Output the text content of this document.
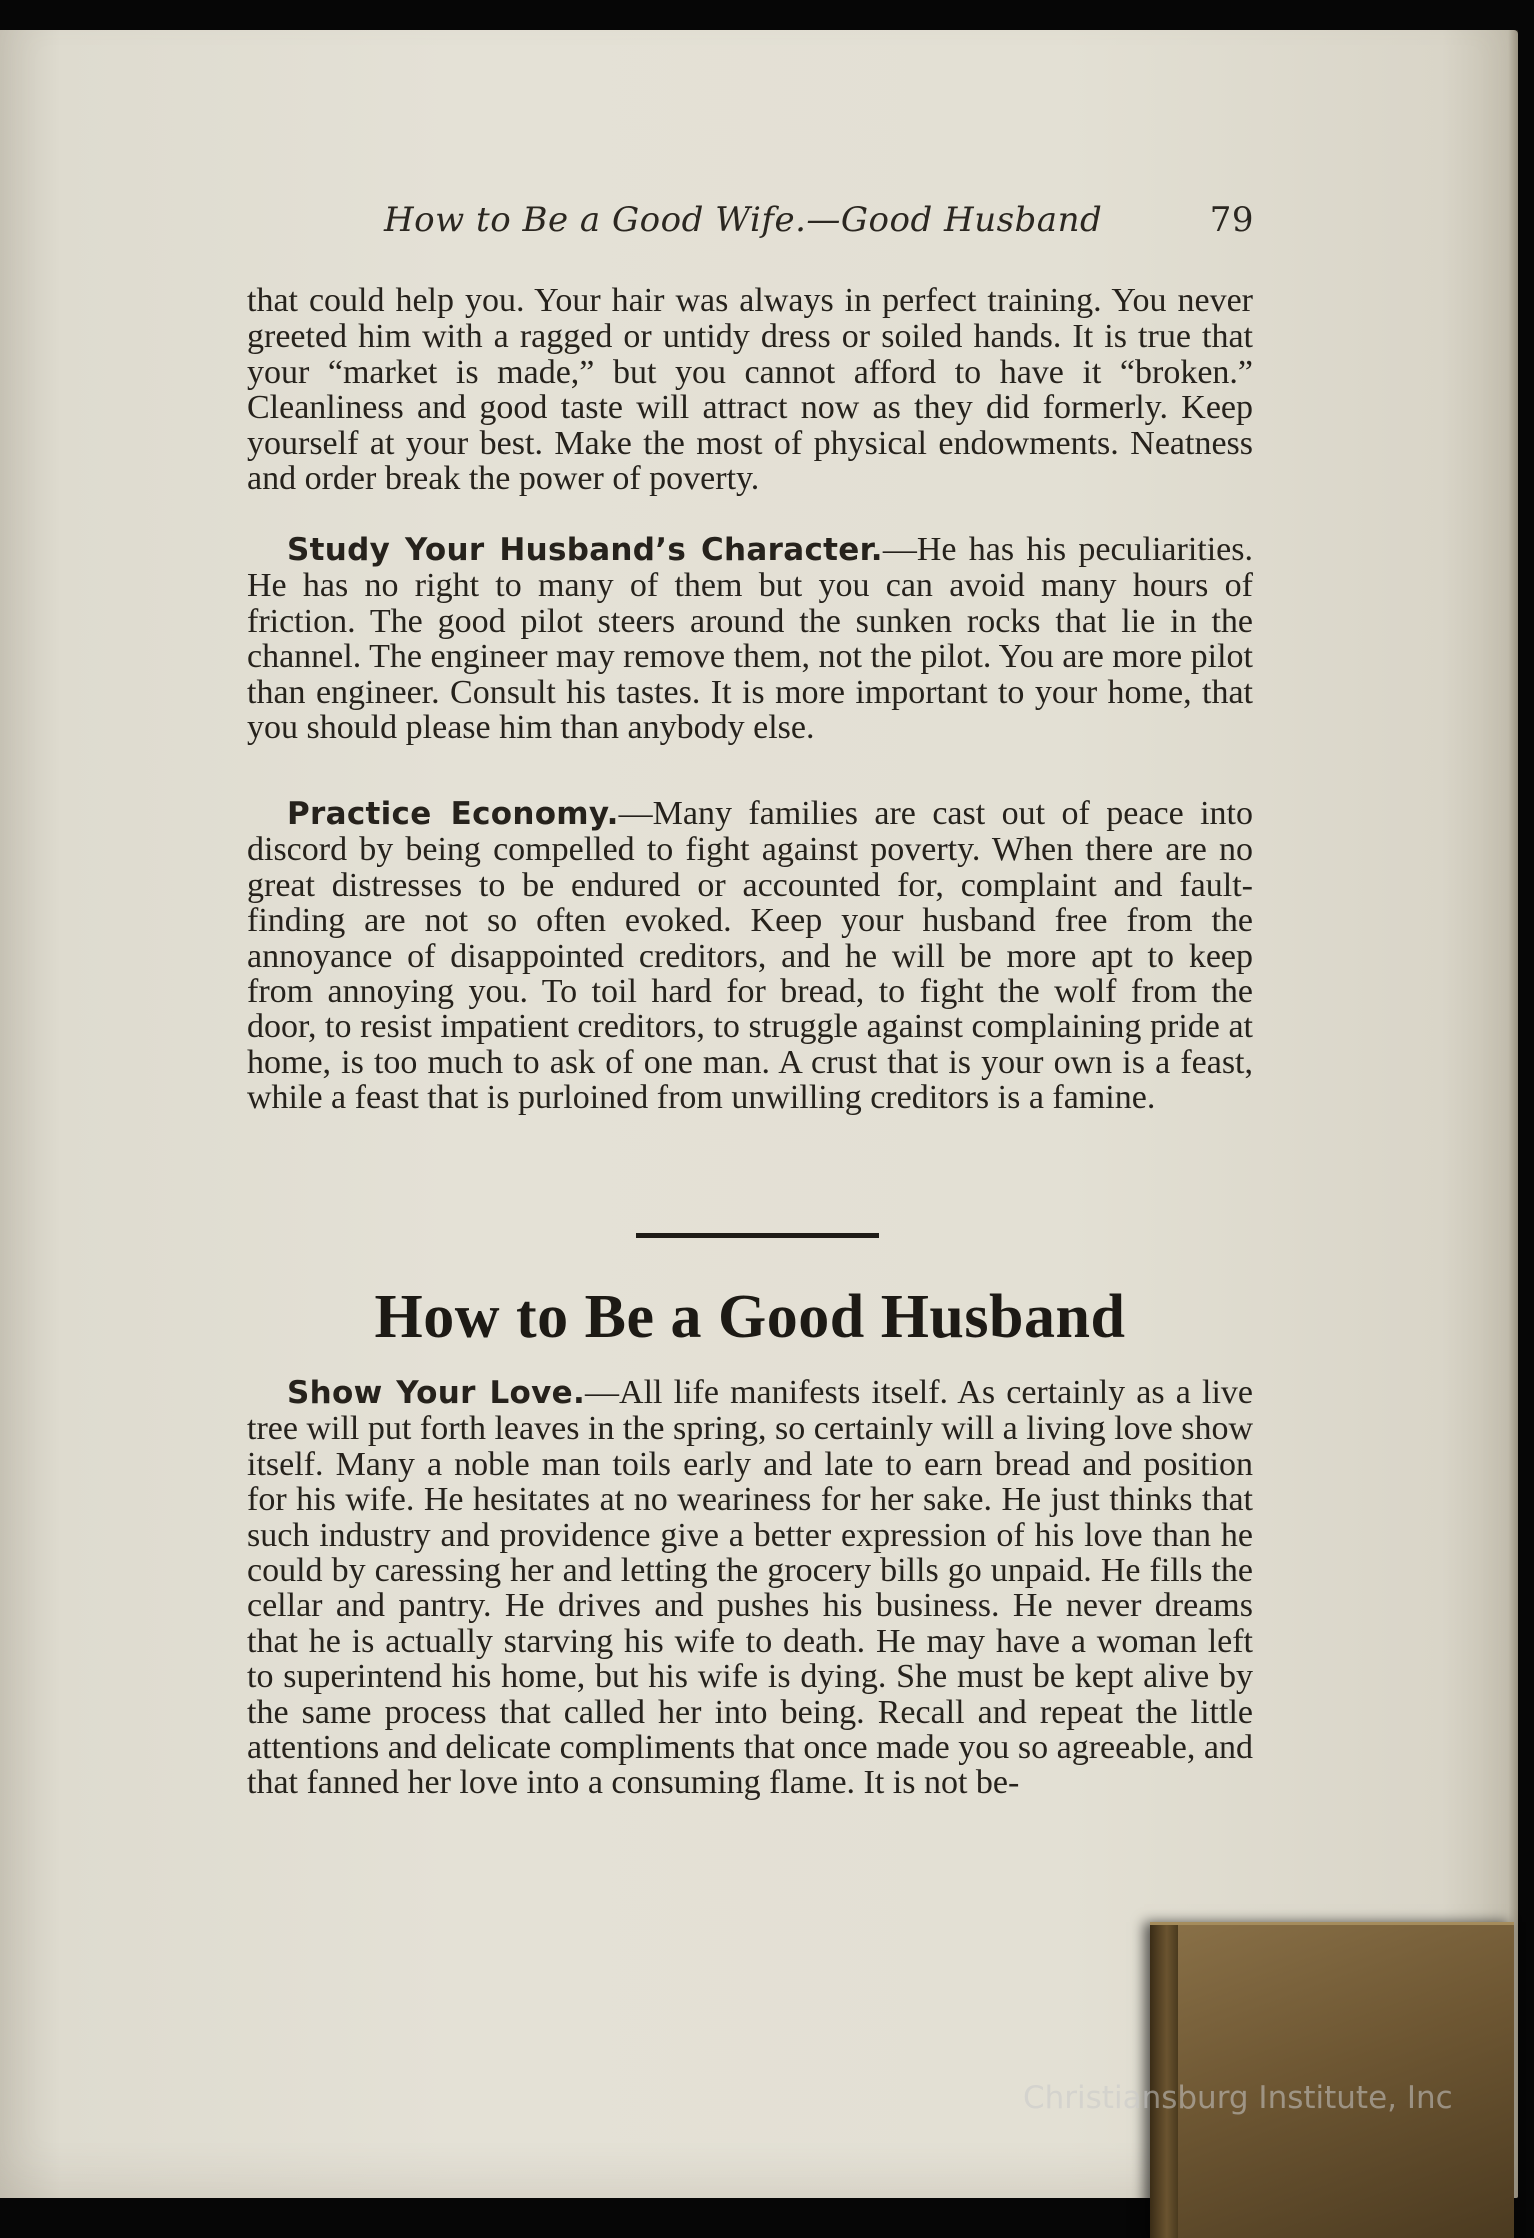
How to Be a Good Wife.—Good Husband	79

that could help you. Your hair was always in perfect training. You never greeted him with a ragged or untidy dress or soiled hands. It is true that your “market is made,” but you cannot afford to have it “broken.” Cleanliness and good taste will attract now as they did formerly. Keep yourself at your best. Make the most of physical endowments. Neatness and order break the power of poverty.

Study Your Husband’s Character.—He has his peculiarities. He has no right to many of them but you can avoid many hours of friction. The good pilot steers around the sunken rocks that lie in the channel. The engineer may remove them, not the pilot. You are more pilot than engineer. Consult his tastes. It is more important to your home, that you should please him than anybody else.

Practice Economy.—Many families are cast out of peace into discord by being compelled to fight against poverty. When there are no great distresses to be endured or accounted for, complaint and fault-finding are not so often evoked. Keep your husband free from the annoyance of disappointed creditors, and he will be more apt to keep from annoying you. To toil hard for bread, to fight the wolf from the door, to resist impatient creditors, to struggle against complaining pride at home, is too much to ask of one man. A crust that is your own is a feast, while a feast that is purloined from unwilling creditors is a famine.

How to Be a Good Husband

Show Your Love.—All life manifests itself. As certainly as a live tree will put forth leaves in the spring, so certainly will a living love show itself. Many a noble man toils early and late to earn bread and position for his wife. He hesitates at no weariness for her sake. He just thinks that such industry and providence give a better expression of his love than he could by caressing her and letting the grocery bills go unpaid. He fills the cellar and pantry. He drives and pushes his business. He never dreams that he is actually starving his wife to death. He may have a woman left to superintend his home, but his wife is dying. She must be kept alive by the same process that called her into being. Recall and repeat the little attentions and delicate compliments that once made you so agreeable, and that fanned her love into a consuming flame. It is not be-

Christiansburg Institute, Inc
